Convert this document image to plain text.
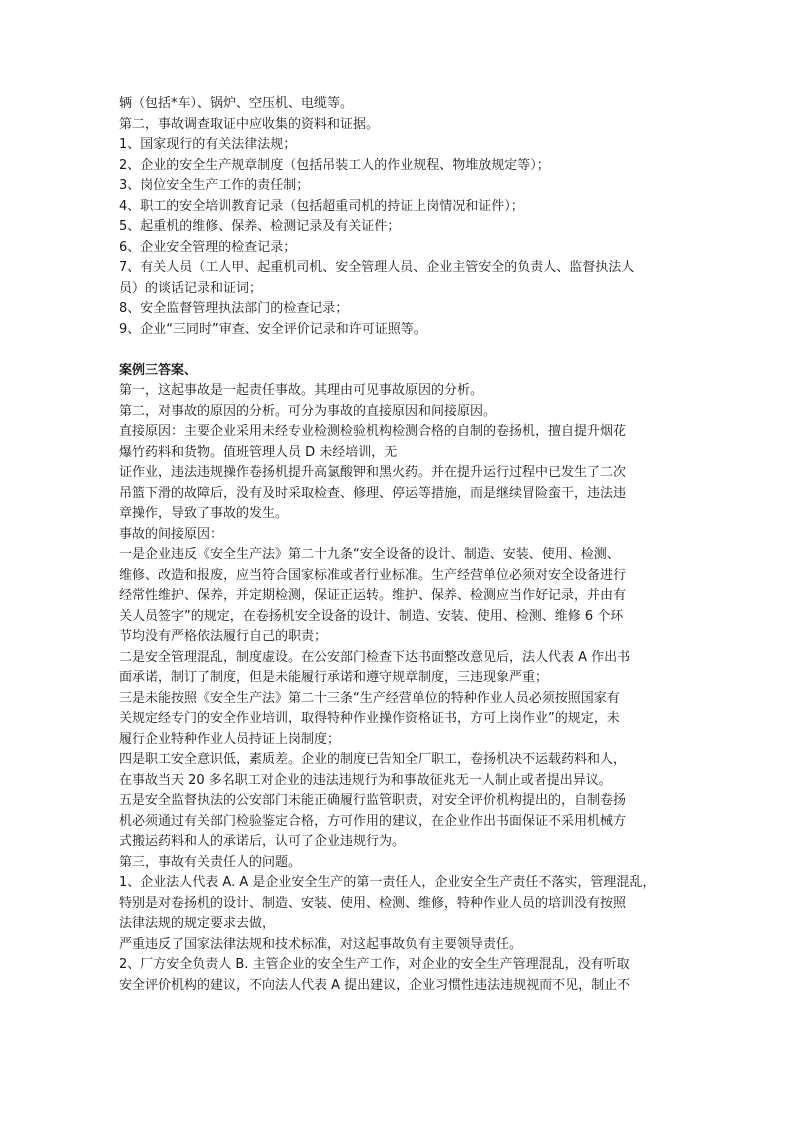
辆（包括*车）、锅炉、空压机、电缆等。
第二，事故调查取证中应收集的资料和证据。
1、国家现行的有关法律法规；
2、企业的安全生产规章制度（包括吊装工人的作业规程、物堆放规定等）；
3、岗位安全生产工作的责任制；
4、职工的安全培训教育记录（包括超重司机的持证上岗情况和证件）；
5、起重机的维修、保养、检测记录及有关证件；
6、企业安全管理的检查记录；
7、有关人员（工人甲、起重机司机、安全管理人员、企业主管安全的负责人、监督执法人
员）的谈话记录和证词；
8、安全监督管理执法部门的检查记录；
9、企业“三同时”审查、安全评价记录和许可证照等。
案例三答案、
第一，这起事故是一起责任事故。其理由可见事故原因的分析。
第二，对事故的原因的分析。可分为事故的直接原因和间接原因。
直接原因：主要企业采用未经专业检测检验机构检测合格的自制的卷扬机，擅自提升烟花
爆竹药料和货物。值班管理人员 D 未经培训，无
证作业，违法违规操作卷扬机提升高氯酸钾和黑火药。并在提升运行过程中已发生了二次
吊篮下滑的故障后，没有及时采取检查、修理、停运等措施，而是继续冒险蛮干，违法违
章操作，导致了事故的发生。
事故的间接原因：
一是企业违反《安全生产法》第二十九条“安全设备的设计、制造、安装、使用、检测、
维修、改造和报废，应当符合国家标准或者行业标准。生产经营单位必须对安全设备进行
经常性维护、保养，并定期检测，保证正运转。维护、保养、检测应当作好记录，并由有
关人员签字”的规定，在卷扬机安全设备的设计、制造、安装、使用、检测、维修 6 个环
节均没有严格依法履行自己的职责；
二是安全管理混乱，制度虚设。在公安部门检查下达书面整改意见后，法人代表 A 作出书
面承诺，制订了制度，但是未能履行承诺和遵守规章制度，三违现象严重；
三是未能按照《安全生产法》第二十三条“生产经营单位的特种作业人员必须按照国家有
关规定经专门的安全作业培训，取得特种作业操作资格证书，方可上岗作业”的规定，未
履行企业特种作业人员持证上岗制度；
四是职工安全意识低，素质差。企业的制度已告知全厂职工，卷扬机决不运载药料和人，
在事故当天 20 多名职工对企业的违法违规行为和事故征兆无一人制止或者提出异议。
五是安全监督执法的公安部门未能正确履行监管职责，对安全评价机构提出的，自制卷扬
机必须通过有关部门检验鉴定合格，方可作用的建议，在企业作出书面保证不采用机械方
式搬运药料和人的承诺后，认可了企业违规行为。
第三，事故有关责任人的问题。
1、企业法人代表 A. A 是企业安全生产的第一责任人，企业安全生产责任不落实，管理混乱，
特别是对卷扬机的设计、制造、安装、使用、检测、维修，特种作业人员的培训没有按照
法律法规的规定要求去做，
严重违反了国家法律法规和技术标准，对这起事故负有主要领导责任。
2、厂方安全负责人 B. 主管企业的安全生产工作，对企业的安全生产管理混乱，没有听取
安全评价机构的建议，不向法人代表 A 提出建议，企业习惯性违法违规视而不见，制止不
